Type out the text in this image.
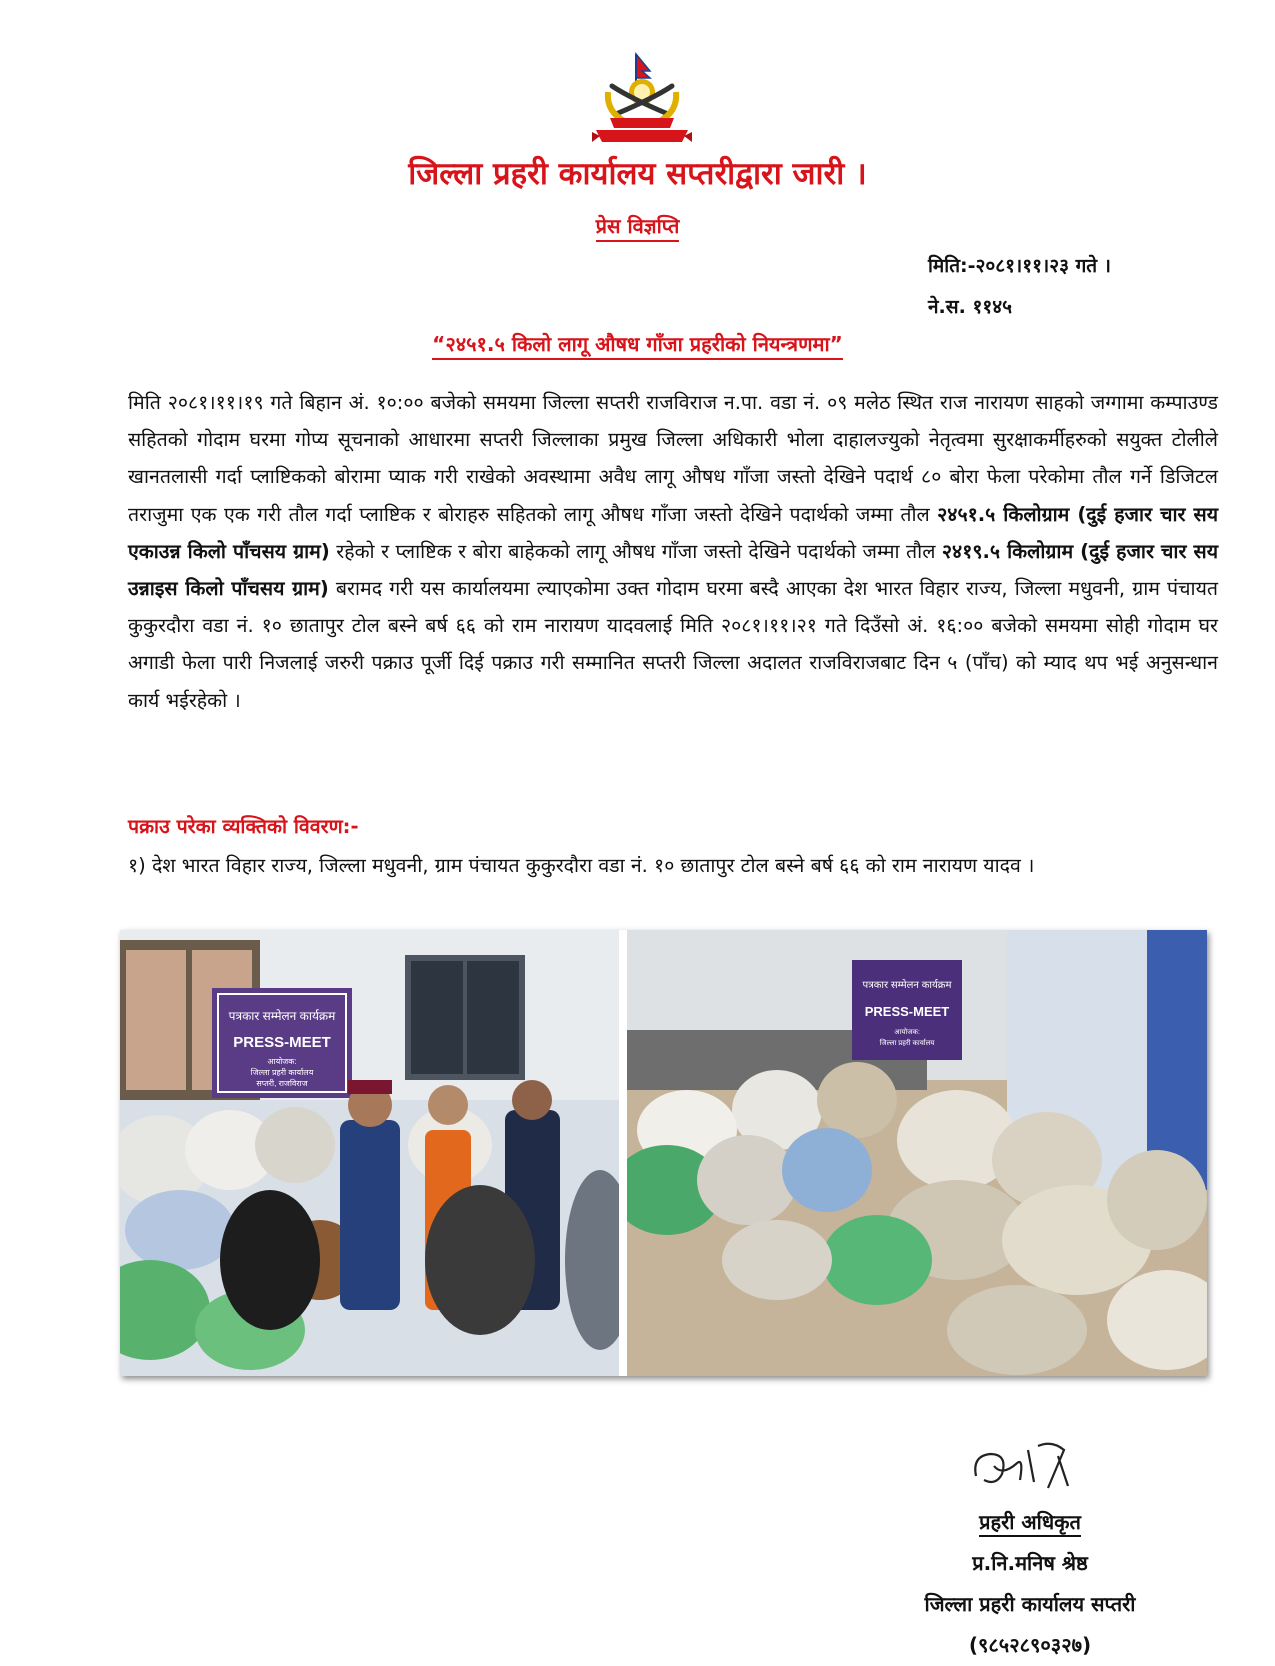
जिल्ला प्रहरी कार्यालय सप्तरीद्वारा जारी ।
प्रेस विज्ञप्ति
मिति:-२०८१।११।२३ गते ।
ने.स. ११४५
“२४५१.५ किलो लागू औषध गाँजा प्रहरीको नियन्त्रणमा”
मिति २०८१।११।१९ गते बिहान अं. १०:०० बजेको समयमा जिल्ला सप्तरी राजविराज न.पा. वडा नं. ०९ मलेठ स्थित राज नारायण साहको जग्गामा कम्पाउण्ड सहितको गोदाम घरमा गोप्य सूचनाको आधारमा सप्तरी जिल्लाका प्रमुख जिल्ला अधिकारी भोला दाहालज्युको नेतृत्वमा सुरक्षाकर्मीहरुको सयुक्त टोलीले खानतलासी गर्दा प्लाष्टिकको बोरामा प्याक गरी राखेको अवस्थामा अवैध लागू औषध गाँजा जस्तो देखिने पदार्थ ८० बोरा फेला परेकोमा तौल गर्ने डिजिटल तराजुमा एक एक गरी तौल गर्दा प्लाष्टिक र बोराहरु सहितको लागू औषध गाँजा जस्तो देखिने पदार्थको जम्मा तौल २४५१.५ किलोग्राम (दुई हजार चार सय एकाउन्न किलो पाँचसय ग्राम) रहेको र प्लाष्टिक र बोरा बाहेकको लागू औषध गाँजा जस्तो देखिने पदार्थको जम्मा तौल २४१९.५ किलोग्राम (दुई हजार चार सय उन्नाइस किलो पाँचसय ग्राम) बरामद गरी यस कार्यालयमा ल्याएकोमा उक्त गोदाम घरमा बस्दै आएका देश भारत विहार राज्य, जिल्ला मधुवनी, ग्राम पंचायत कुकुरदौरा वडा नं. १० छातापुर टोल बस्ने बर्ष ६६ को राम नारायण यादवलाई मिति २०८१।११।२१ गते दिउँसो अं. १६:०० बजेको समयमा सोही गोदाम घर अगाडी फेला पारी निजलाई जरुरी पक्राउ पूर्जी दिई पक्राउ गरी सम्मानित सप्तरी जिल्ला अदालत राजविराजबाट दिन ५ (पाँच) को म्याद थप भई अनुसन्धान कार्य भईरहेको ।
पक्राउ परेका व्यक्तिको विवरण:-
१) देश भारत विहार राज्य, जिल्ला मधुवनी, ग्राम पंचायत कुकुरदौरा वडा नं. १० छातापुर टोल बस्ने बर्ष ६६ को राम नारायण यादव ।
पत्रकार सम्मेलन कार्यक्रम
PRESS-MEET
आयोजक:
जिल्ला प्रहरी कार्यालय
सप्तरी, राजविराज
पत्रकार सम्मेलन कार्यक्रम
PRESS-MEET
आयोजक:
जिल्ला प्रहरी कार्यालय
प्रहरी अधिकृत
प्र.नि.मनिष श्रेष्ठ
जिल्ला प्रहरी कार्यालय सप्तरी
(९८५२८९०३२७)
